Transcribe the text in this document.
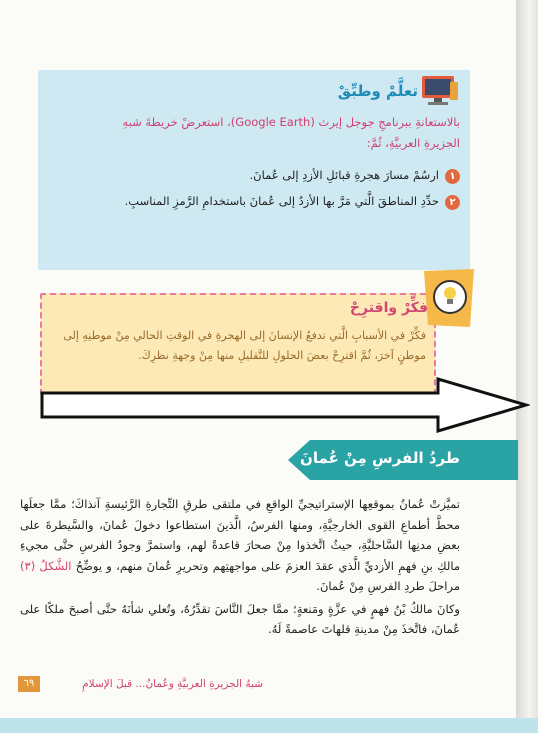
تعلَّمْ وطبِّقْ
بالاستعانةِ ببرنامجِ جوجل إيرث (Google Earth)، استعرضْ خريطةَ شبهِ الجزيرةِ العربيَّةِ، ثُمَّ:
١ارسُمْ مسارَ هجرةِ قبائلِ الأزدِ إلى عُمانَ.
٢حدِّدِ المناطقَ الَّتي مَرَّ بها الأزدُ إلى عُمانَ باستخدامِ الرَّمزِ المناسبِ.
فكِّرْ واقترِحْ
فكِّرْ في الأسبابِ الَّتي تدفعُ الإنسانَ إلى الهجرةِ في الوقتِ الحالي مِنْ موطنِهِ إلى موطنٍ آخرَ، ثُمَّ اقترِحْ بعضَ الحلولِ للتَّقليلِ منها مِنْ وجهةِ نظرِكَ.
طردُ الفرسِ مِنْ عُمانَ

تميَّزتْ عُمانُ بموقعِها الإستراتيجيِّ الواقعِ في ملتقى طرقِ التِّجارةِ الرَّئيسةِ آنذاكَ؛ ممَّا جعلَها محطَّ أطماعِ القوى الخارجيَّةِ، ومنها الفرسُ، الَّذينَ استطاعوا دخولَ عُمانَ، والسَّيطرةَ على بعضِ مدنِها السَّاحليَّةِ، حيثُ اتَّخذوا مِنْ صحارَ قاعدةً لهم، واستمرَّ وجودُ الفرسِ حتَّى مجيءِ مالكِ بنِ فهمِ الأزديِّ الَّذي عقدَ العزمَ على مواجهتِهم وتحريرِ عُمانَ منهم، و يوضِّحُ الشَّكلُ (٣) مراحلَ طردِ الفرسِ مِنْ عُمانَ.

وكانَ مالكُ بْنُ فهمٍ في عزَّةٍ ومَنعةٍ؛ ممَّا جعلَ النَّاسَ تقدِّرُهُ، وتُعلي شأنَهُ حتَّى أصبحَ ملكًا على عُمانَ، فاتَّخذَ مِنْ مدينةِ قلهاتَ عاصمةً لَهُ.

شبهُ الجزيرةِ العربيَّةِ وعُمانُ... قبلَ الإسلامِ
٦٩
